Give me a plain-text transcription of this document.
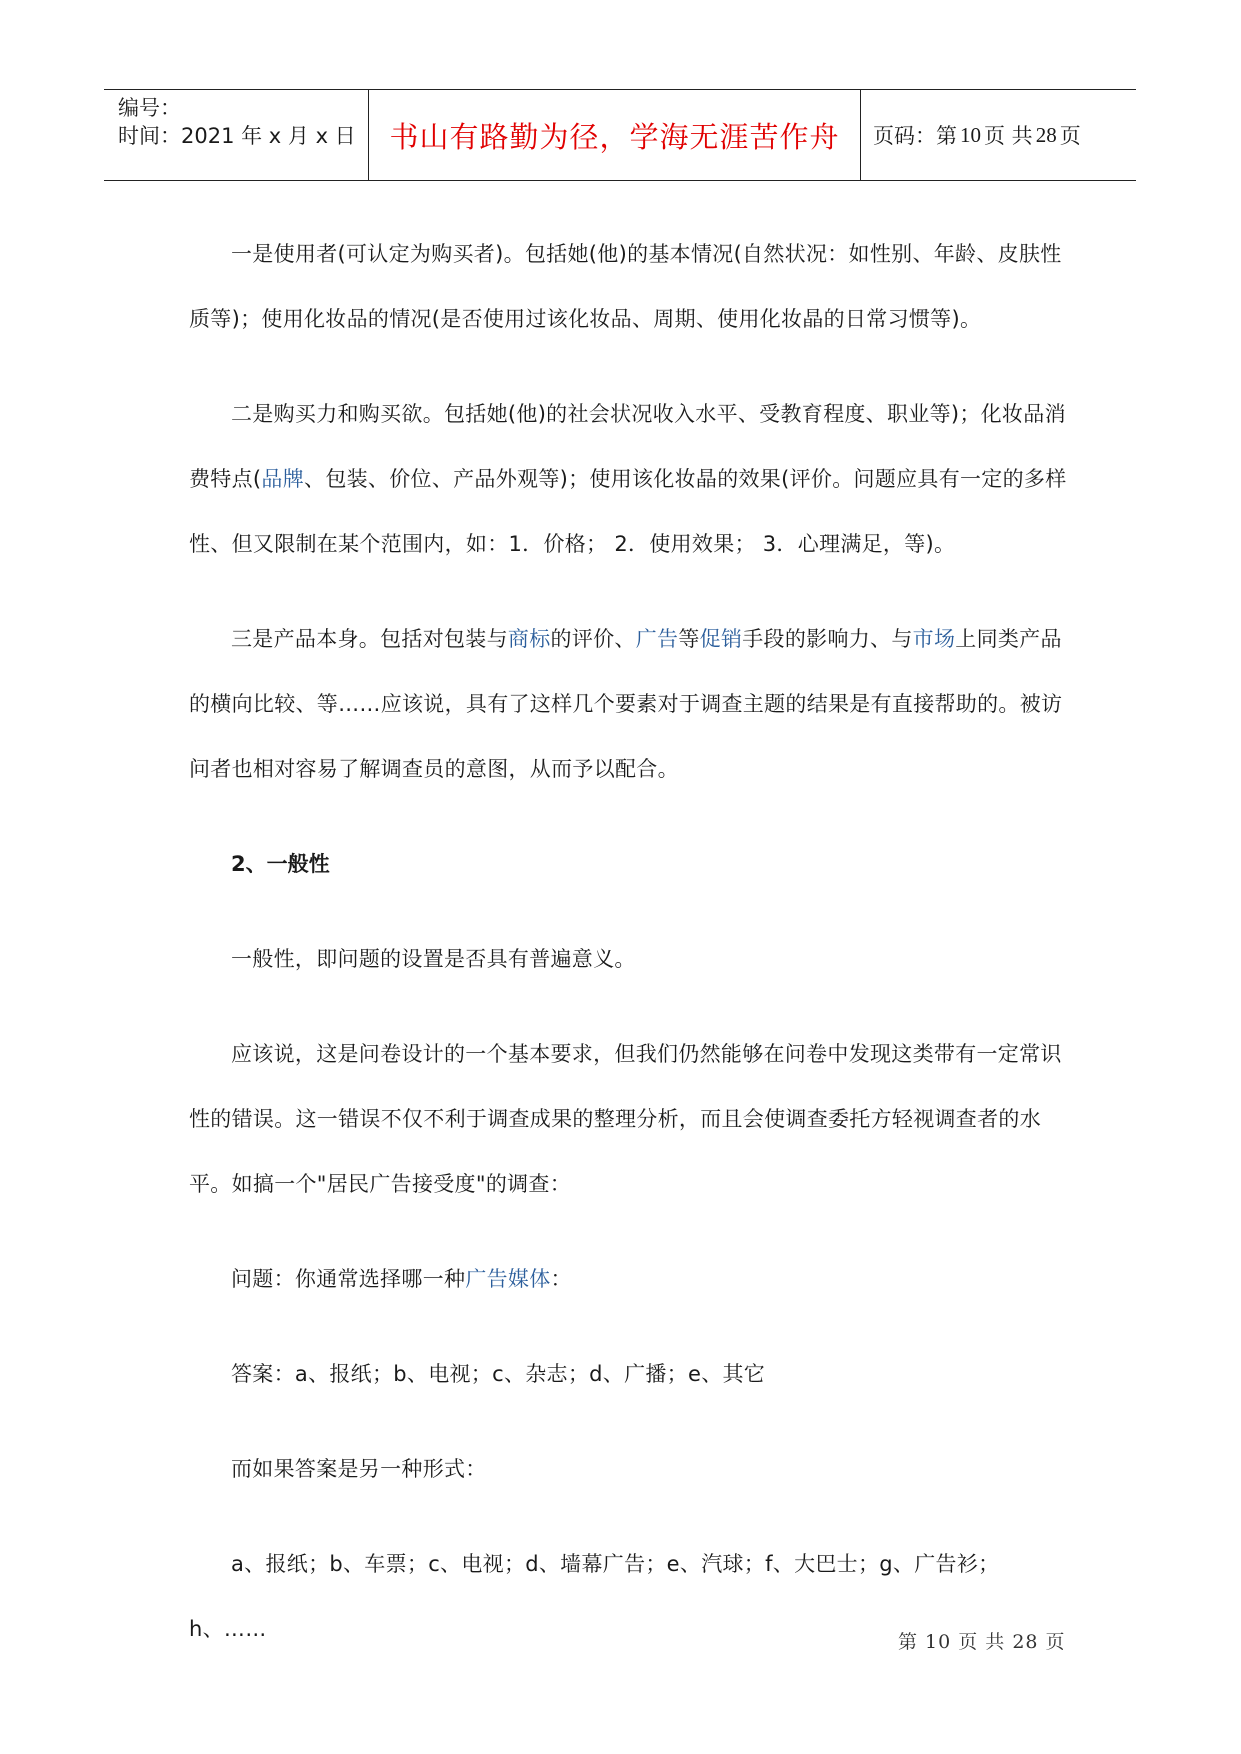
编号：
时间：2021 年 x 月 x 日	书山有路勤为径，学海无涯苦作舟	页码：第 10 页 共 28 页

一是使用者(可认定为购买者)。包括她(他)的基本情况(自然状况：如性别、年龄、皮肤性质等)；使用化妆品的情况(是否使用过该化妆品、周期、使用化妆晶的日常习惯等)。

二是购买力和购买欲。包括她(他)的社会状况收入水平、受教育程度、职业等)；化妆品消费特点(品牌、包装、价位、产品外观等)；使用该化妆晶的效果(评价。问题应具有一定的多样性、但又限制在某个范围内，如：1．价格； 2．使用效果； 3．心理满足，等)。

三是产品本身。包括对包装与商标的评价、广告等促销手段的影响力、与市场上同类产品的横向比较、等……应该说，具有了这样几个要素对于调查主题的结果是有直接帮助的。被访问者也相对容易了解调查员的意图，从而予以配合。

2、一般性

一般性，即问题的设置是否具有普遍意义。

应该说，这是问卷设计的一个基本要求，但我们仍然能够在问卷中发现这类带有一定常识性的错误。这一错误不仅不利于调查成果的整理分析，而且会使调查委托方轻视调查者的水平。如搞一个"居民广告接受度"的调查：

问题：你通常选择哪一种广告媒体：

答案：a、报纸；b、电视；c、杂志；d、广播；e、其它

而如果答案是另一种形式：

a、报纸；b、车票；c、电视；d、墙幕广告；e、汽球；f、大巴士；g、广告衫；h、……

第 10 页 共 28 页
